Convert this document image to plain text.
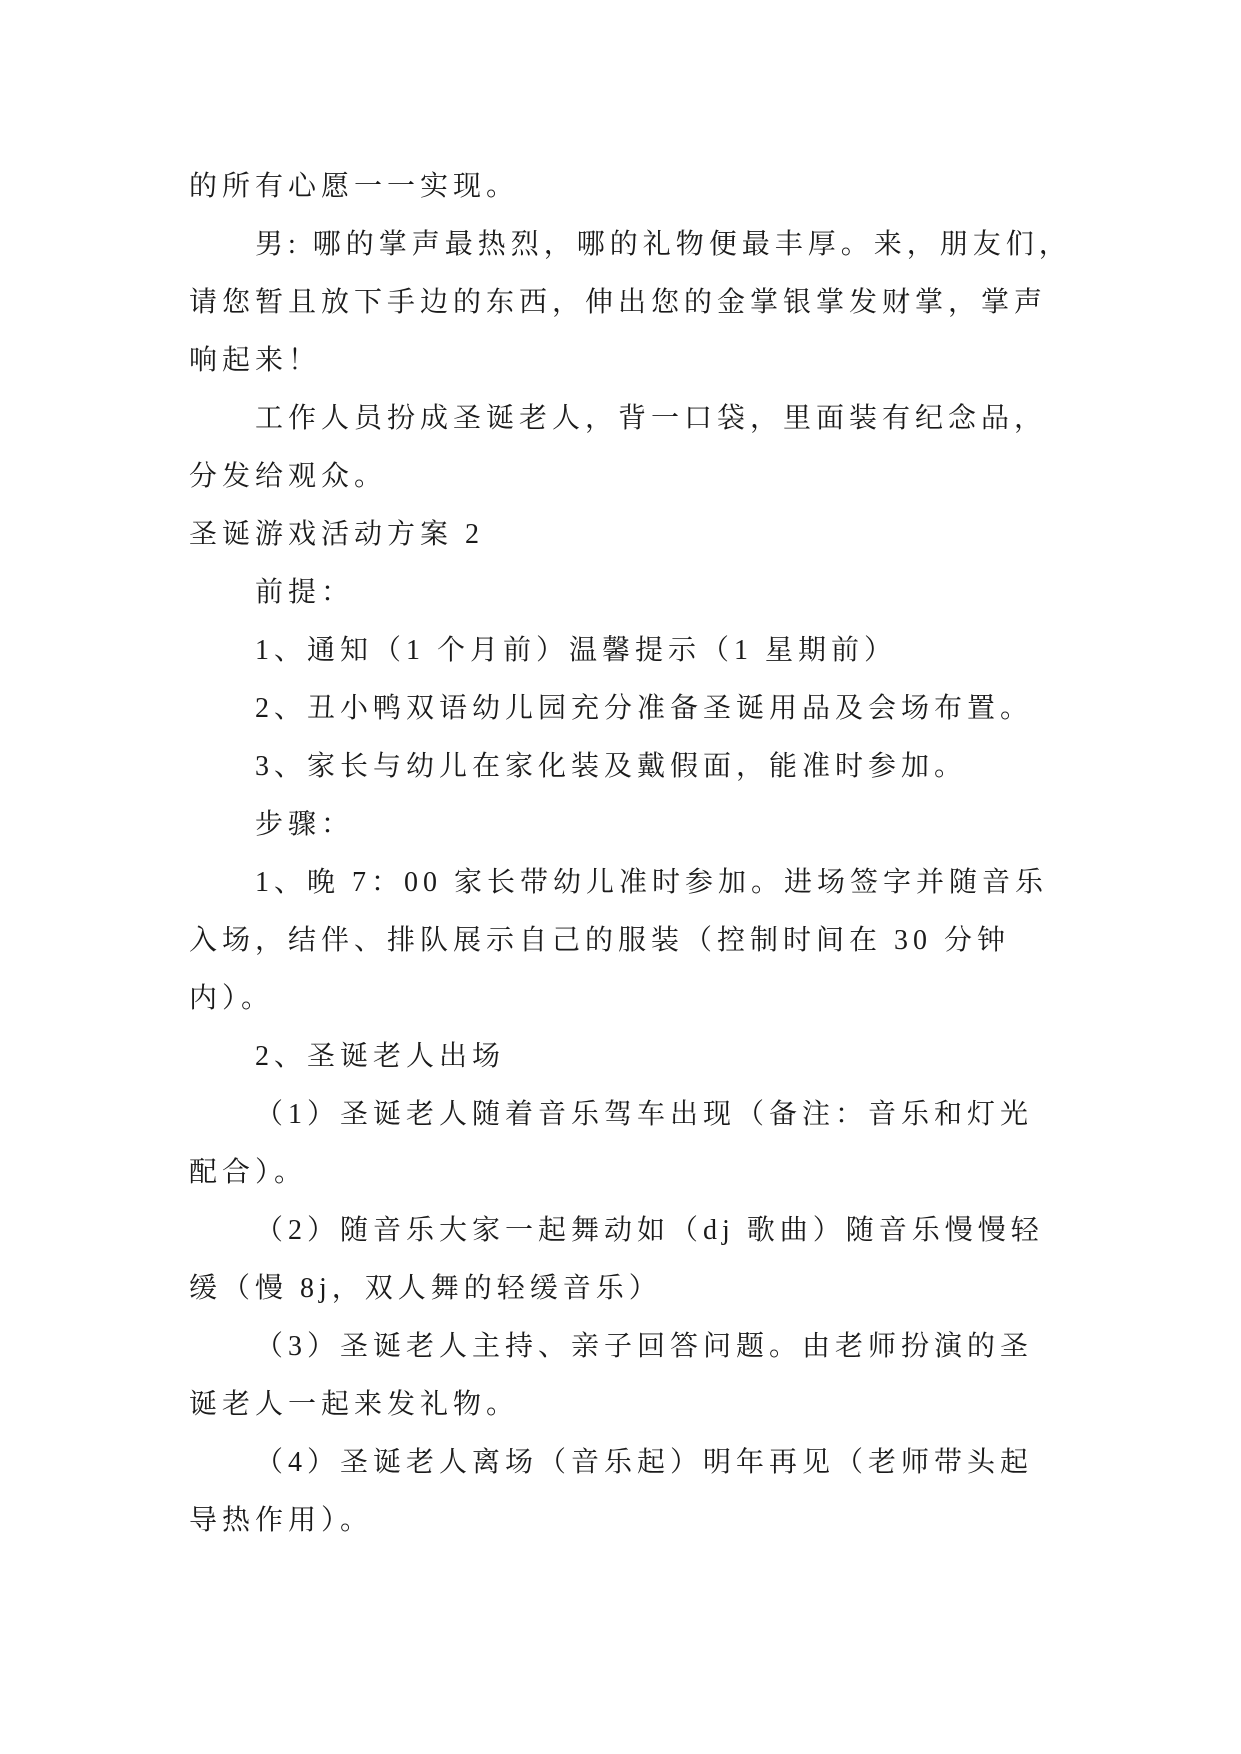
的所有心愿一一实现。
男: 哪的掌声最热烈，哪的礼物便最丰厚。来，朋友们，
请您暂且放下手边的东西，伸出您的金掌银掌发财掌，掌声
响起来！
工作人员扮成圣诞老人，背一口袋，里面装有纪念品，
分发给观众。
圣诞游戏活动方案 2
前提：
1、通知（1 个月前）温馨提示（1 星期前）
2、丑小鸭双语幼儿园充分准备圣诞用品及会场布置。
3、家长与幼儿在家化装及戴假面，能准时参加。
步骤：
1、晚 7：00 家长带幼儿准时参加。进场签字并随音乐
入场，结伴、排队展示自己的服装（控制时间在 30 分钟
内）。
2、圣诞老人出场
（1）圣诞老人随着音乐驾车出现（备注：音乐和灯光
配合）。
（2）随音乐大家一起舞动如（dj 歌曲）随音乐慢慢轻
缓（慢 8j，双人舞的轻缓音乐）
（3）圣诞老人主持、亲子回答问题。由老师扮演的圣
诞老人一起来发礼物。
（4）圣诞老人离场（音乐起）明年再见（老师带头起
导热作用）。
